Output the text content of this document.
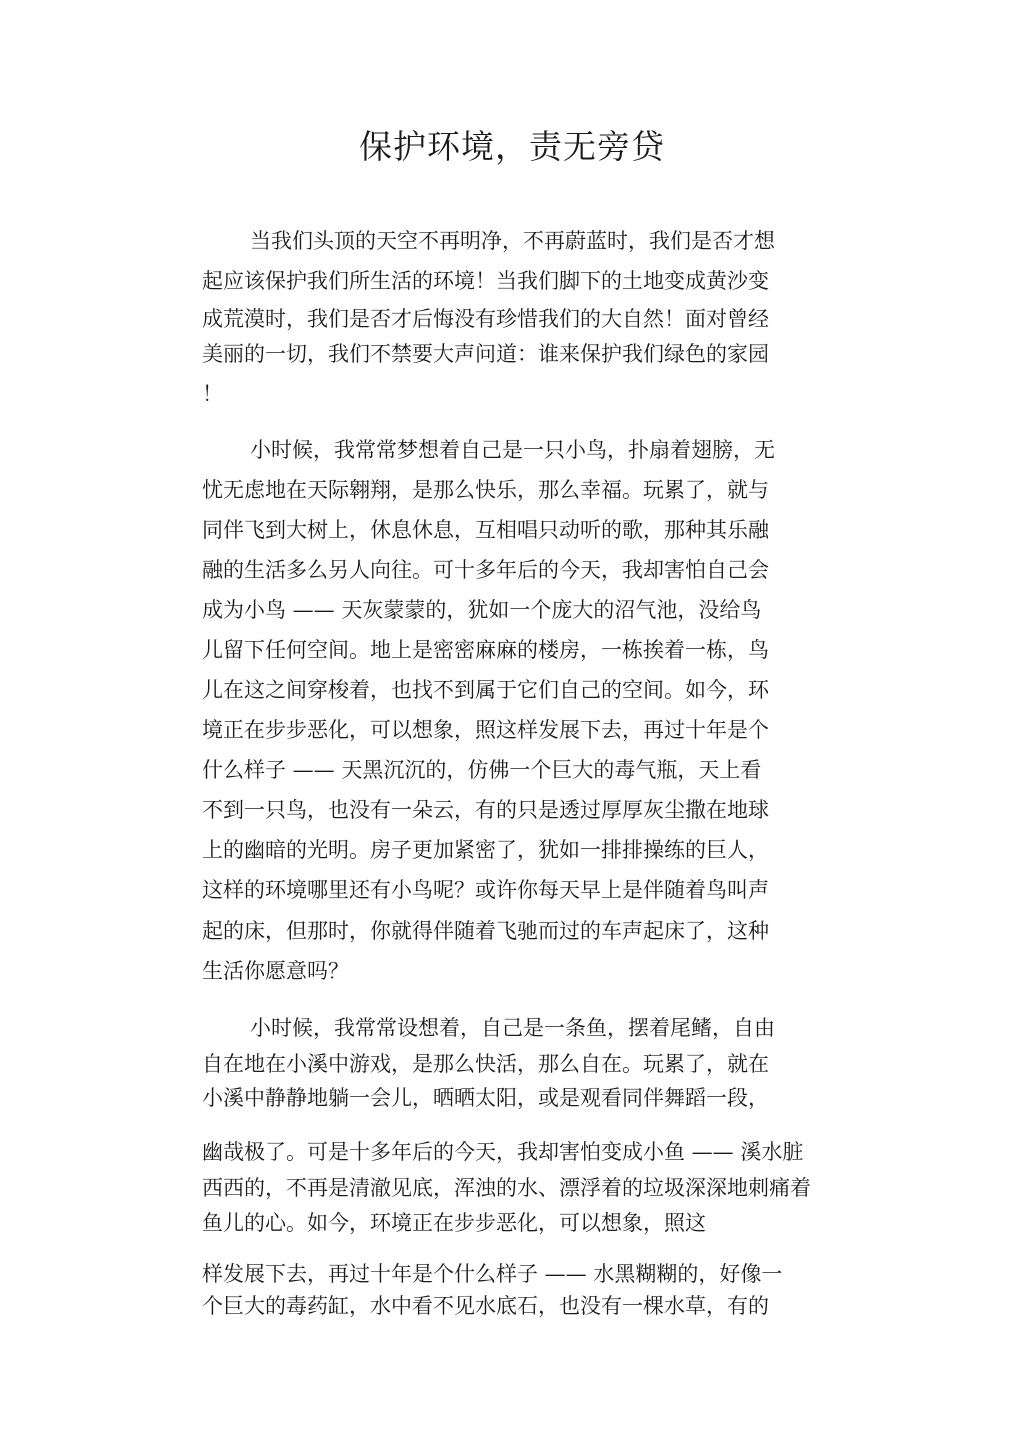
保护环境，责无旁贷

当我们头顶的天空不再明净，不再蔚蓝时，我们是否才想

起应该保护我们所生活的环境！当我们脚下的土地变成黄沙变

成荒漠时，我们是否才后悔没有珍惜我们的大自然！面对曾经

美丽的一切，我们不禁要大声问道：谁来保护我们绿色的家园

！

小时候，我常常梦想着自己是一只小鸟，扑扇着翅膀，无

忧无虑地在天际翱翔，是那么快乐，那么幸福。玩累了，就与

同伴飞到大树上，休息休息，互相唱只动听的歌，那种其乐融

融的生活多么另人向往。可十多年后的今天，我却害怕自己会

成为小鸟 —— 天灰蒙蒙的，犹如一个庞大的沼气池，没给鸟

儿留下任何空间。地上是密密麻麻的楼房，一栋挨着一栋，鸟

儿在这之间穿梭着，也找不到属于它们自己的空间。如今，环

境正在步步恶化，可以想象，照这样发展下去，再过十年是个

什么样子 —— 天黑沉沉的，仿佛一个巨大的毒气瓶，天上看

不到一只鸟，也没有一朵云，有的只是透过厚厚灰尘撒在地球

上的幽暗的光明。房子更加紧密了，犹如一排排操练的巨人，

这样的环境哪里还有小鸟呢？或许你每天早上是伴随着鸟叫声

起的床，但那时，你就得伴随着飞驰而过的车声起床了，这种

生活你愿意吗？

小时候，我常常设想着，自己是一条鱼，摆着尾鳍，自由

自在地在小溪中游戏，是那么快活，那么自在。玩累了，就在

小溪中静静地躺一会儿，晒晒太阳，或是观看同伴舞蹈一段，

幽哉极了。可是十多年后的今天，我却害怕变成小鱼 —— 溪水脏

西西的，不再是清澈见底，浑浊的水、漂浮着的垃圾深深地刺痛着

鱼儿的心。如今，环境正在步步恶化，可以想象，照这

样发展下去，再过十年是个什么样子 —— 水黑糊糊的，好像一

个巨大的毒药缸，水中看不见水底石，也没有一棵水草，有的
